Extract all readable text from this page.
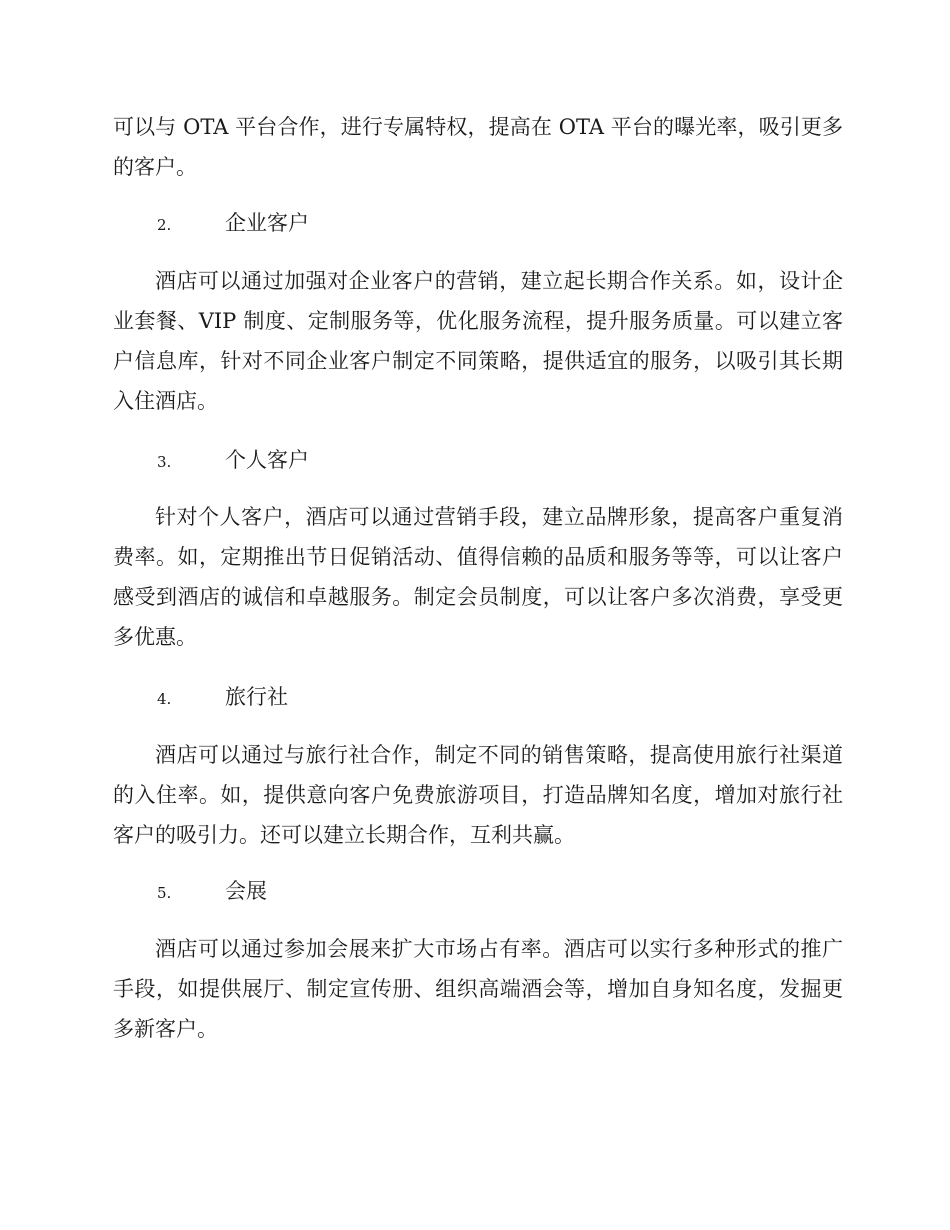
可以与 OTA 平台合作，进行专属特权，提高在 OTA 平台的曝光率，吸引更多的客户。

2.	企业客户

酒店可以通过加强对企业客户的营销，建立起长期合作关系。如，设计企业套餐、VIP 制度、定制服务等，优化服务流程，提升服务质量。可以建立客户信息库，针对不同企业客户制定不同策略，提供适宜的服务，以吸引其长期入住酒店。

3.	个人客户

针对个人客户，酒店可以通过营销手段，建立品牌形象，提高客户重复消费率。如，定期推出节日促销活动、值得信赖的品质和服务等等，可以让客户感受到酒店的诚信和卓越服务。制定会员制度，可以让客户多次消费，享受更多优惠。

4.	旅行社

酒店可以通过与旅行社合作，制定不同的销售策略，提高使用旅行社渠道的入住率。如，提供意向客户免费旅游项目，打造品牌知名度，增加对旅行社客户的吸引力。还可以建立长期合作，互利共赢。

5.	会展

酒店可以通过参加会展来扩大市场占有率。酒店可以实行多种形式的推广手段，如提供展厅、制定宣传册、组织高端酒会等，增加自身知名度，发掘更多新客户。
